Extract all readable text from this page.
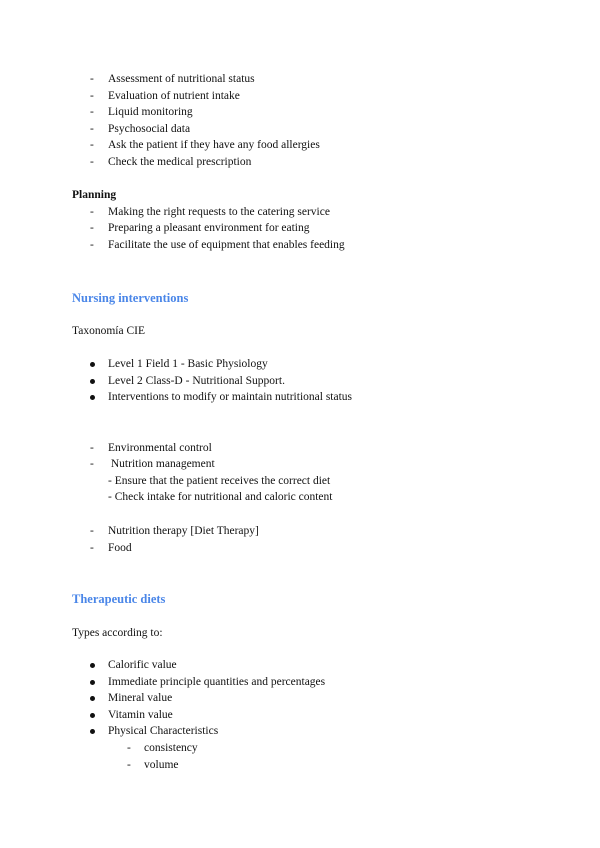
- Assessment of nutritional status
- Evaluation of nutrient intake
- Liquid monitoring
- Psychosocial data
- Ask the patient if they have any food allergies
- Check the medical prescription
Planning
- Making the right requests to the catering service
- Preparing a pleasant environment for eating
- Facilitate the use of equipment that enables feeding
Nursing interventions
Taxonomía CIE
Level 1 Field 1 - Basic Physiology
Level 2 Class-D - Nutritional Support.
Interventions to modify or maintain nutritional status
- Environmental control
- Nutrition management
- Ensure that the patient receives the correct diet
- Check intake for nutritional and caloric content
- Nutrition therapy [Diet Therapy]
- Food
Therapeutic diets
Types according to:
Calorific value
Immediate principle quantities and percentages
Mineral value
Vitamin value
Physical Characteristics
- consistency
- volume
